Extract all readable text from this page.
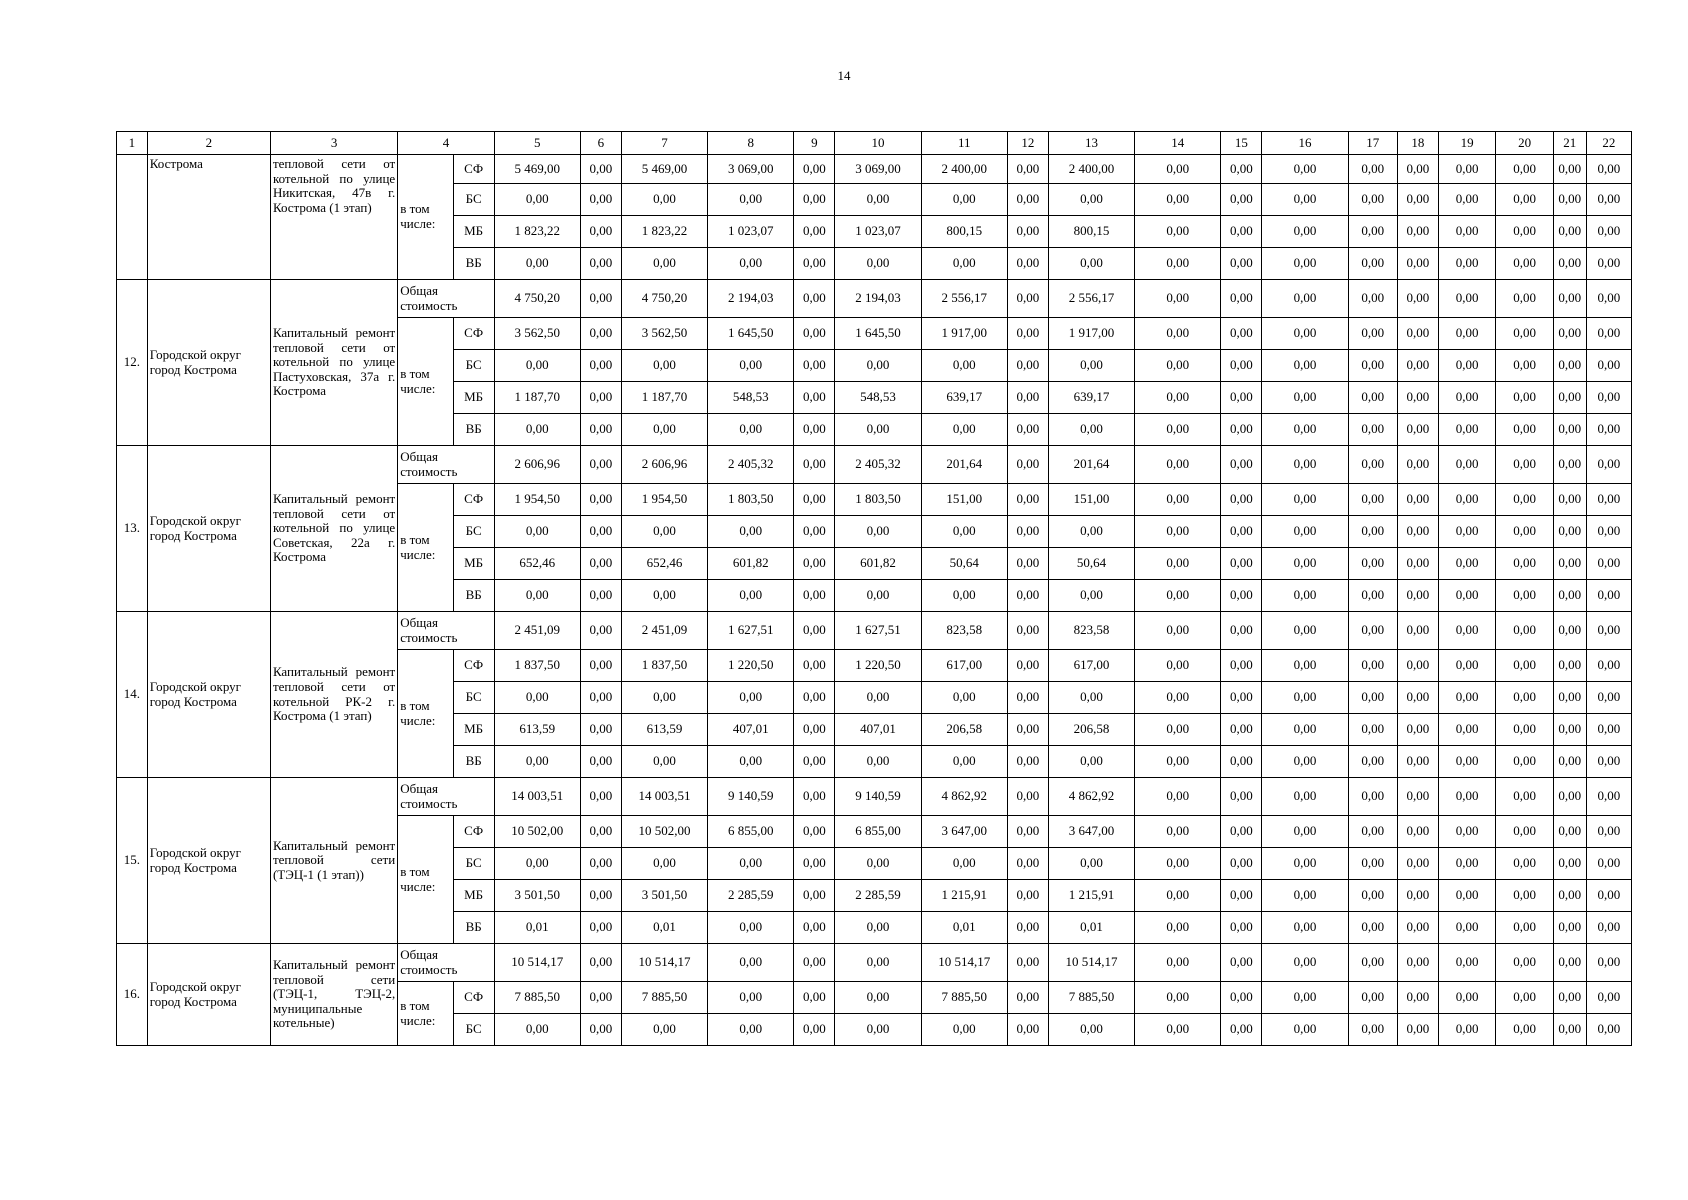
14
1	2	3	4		5	6	7	8	9	10	11	12	13	14	15	16	17	18	19	20	21	22
	Кострома	тепловой сети от котельной по улице Никитская, 47в г. Кострома (1 этап)	в том числе:	СФ	5 469,00	0,00	5 469,00	3 069,00	0,00	3 069,00	2 400,00	0,00	2 400,00	0,00	0,00	0,00	0,00	0,00	0,00	0,00	0,00	0,00
				БС	0,00	0,00	0,00	0,00	0,00	0,00	0,00	0,00	0,00	0,00	0,00	0,00	0,00	0,00	0,00	0,00	0,00	0,00
				МБ	1 823,22	0,00	1 823,22	1 023,07	0,00	1 023,07	800,15	0,00	800,15	0,00	0,00	0,00	0,00	0,00	0,00	0,00	0,00	0,00
				ВБ	0,00	0,00	0,00	0,00	0,00	0,00	0,00	0,00	0,00	0,00	0,00	0,00	0,00	0,00	0,00	0,00	0,00	0,00
12.	Городской округ город Кострома	Капитальный ремонт тепловой сети от котельной по улице Пастуховская, 37а г. Кострома	Общая стоимость		4 750,20	0,00	4 750,20	2 194,03	0,00	2 194,03	2 556,17	0,00	2 556,17	0,00	0,00	0,00	0,00	0,00	0,00	0,00	0,00	0,00
			в том числе:	СФ	3 562,50	0,00	3 562,50	1 645,50	0,00	1 645,50	1 917,00	0,00	1 917,00	0,00	0,00	0,00	0,00	0,00	0,00	0,00	0,00	0,00
				БС	0,00	0,00	0,00	0,00	0,00	0,00	0,00	0,00	0,00	0,00	0,00	0,00	0,00	0,00	0,00	0,00	0,00	0,00
				МБ	1 187,70	0,00	1 187,70	548,53	0,00	548,53	639,17	0,00	639,17	0,00	0,00	0,00	0,00	0,00	0,00	0,00	0,00	0,00
				ВБ	0,00	0,00	0,00	0,00	0,00	0,00	0,00	0,00	0,00	0,00	0,00	0,00	0,00	0,00	0,00	0,00	0,00	0,00
13.	Городской округ город Кострома	Капитальный ремонт тепловой сети от котельной по улице Советская, 22а г. Кострома	Общая стоимость		2 606,96	0,00	2 606,96	2 405,32	0,00	2 405,32	201,64	0,00	201,64	0,00	0,00	0,00	0,00	0,00	0,00	0,00	0,00	0,00
			в том числе:	СФ	1 954,50	0,00	1 954,50	1 803,50	0,00	1 803,50	151,00	0,00	151,00	0,00	0,00	0,00	0,00	0,00	0,00	0,00	0,00	0,00
				БС	0,00	0,00	0,00	0,00	0,00	0,00	0,00	0,00	0,00	0,00	0,00	0,00	0,00	0,00	0,00	0,00	0,00	0,00
				МБ	652,46	0,00	652,46	601,82	0,00	601,82	50,64	0,00	50,64	0,00	0,00	0,00	0,00	0,00	0,00	0,00	0,00	0,00
				ВБ	0,00	0,00	0,00	0,00	0,00	0,00	0,00	0,00	0,00	0,00	0,00	0,00	0,00	0,00	0,00	0,00	0,00	0,00
14.	Городской округ город Кострома	Капитальный ремонт тепловой сети от котельной РК-2 г. Кострома (1 этап)	Общая стоимость		2 451,09	0,00	2 451,09	1 627,51	0,00	1 627,51	823,58	0,00	823,58	0,00	0,00	0,00	0,00	0,00	0,00	0,00	0,00	0,00
			в том числе:	СФ	1 837,50	0,00	1 837,50	1 220,50	0,00	1 220,50	617,00	0,00	617,00	0,00	0,00	0,00	0,00	0,00	0,00	0,00	0,00	0,00
				БС	0,00	0,00	0,00	0,00	0,00	0,00	0,00	0,00	0,00	0,00	0,00	0,00	0,00	0,00	0,00	0,00	0,00	0,00
				МБ	613,59	0,00	613,59	407,01	0,00	407,01	206,58	0,00	206,58	0,00	0,00	0,00	0,00	0,00	0,00	0,00	0,00	0,00
				ВБ	0,00	0,00	0,00	0,00	0,00	0,00	0,00	0,00	0,00	0,00	0,00	0,00	0,00	0,00	0,00	0,00	0,00	0,00
15.	Городской округ город Кострома	Капитальный ремонт тепловой сети (ТЭЦ-1 (1 этап))	Общая стоимость		14 003,51	0,00	14 003,51	9 140,59	0,00	9 140,59	4 862,92	0,00	4 862,92	0,00	0,00	0,00	0,00	0,00	0,00	0,00	0,00	0,00
			в том числе:	СФ	10 502,00	0,00	10 502,00	6 855,00	0,00	6 855,00	3 647,00	0,00	3 647,00	0,00	0,00	0,00	0,00	0,00	0,00	0,00	0,00	0,00
				БС	0,00	0,00	0,00	0,00	0,00	0,00	0,00	0,00	0,00	0,00	0,00	0,00	0,00	0,00	0,00	0,00	0,00	0,00
				МБ	3 501,50	0,00	3 501,50	2 285,59	0,00	2 285,59	1 215,91	0,00	1 215,91	0,00	0,00	0,00	0,00	0,00	0,00	0,00	0,00	0,00
				ВБ	0,01	0,00	0,01	0,00	0,00	0,00	0,01	0,00	0,01	0,00	0,00	0,00	0,00	0,00	0,00	0,00	0,00	0,00
16.	Городской округ город Кострома	Капитальный ремонт тепловой сети (ТЭЦ-1, ТЭЦ-2, муниципальные котельные)	Общая стоимость		10 514,17	0,00	10 514,17	0,00	0,00	0,00	10 514,17	0,00	10 514,17	0,00	0,00	0,00	0,00	0,00	0,00	0,00	0,00	0,00
			в том числе:	СФ	7 885,50	0,00	7 885,50	0,00	0,00	0,00	7 885,50	0,00	7 885,50	0,00	0,00	0,00	0,00	0,00	0,00	0,00	0,00	0,00
				БС	0,00	0,00	0,00	0,00	0,00	0,00	0,00	0,00	0,00	0,00	0,00	0,00	0,00	0,00	0,00	0,00	0,00	0,00
